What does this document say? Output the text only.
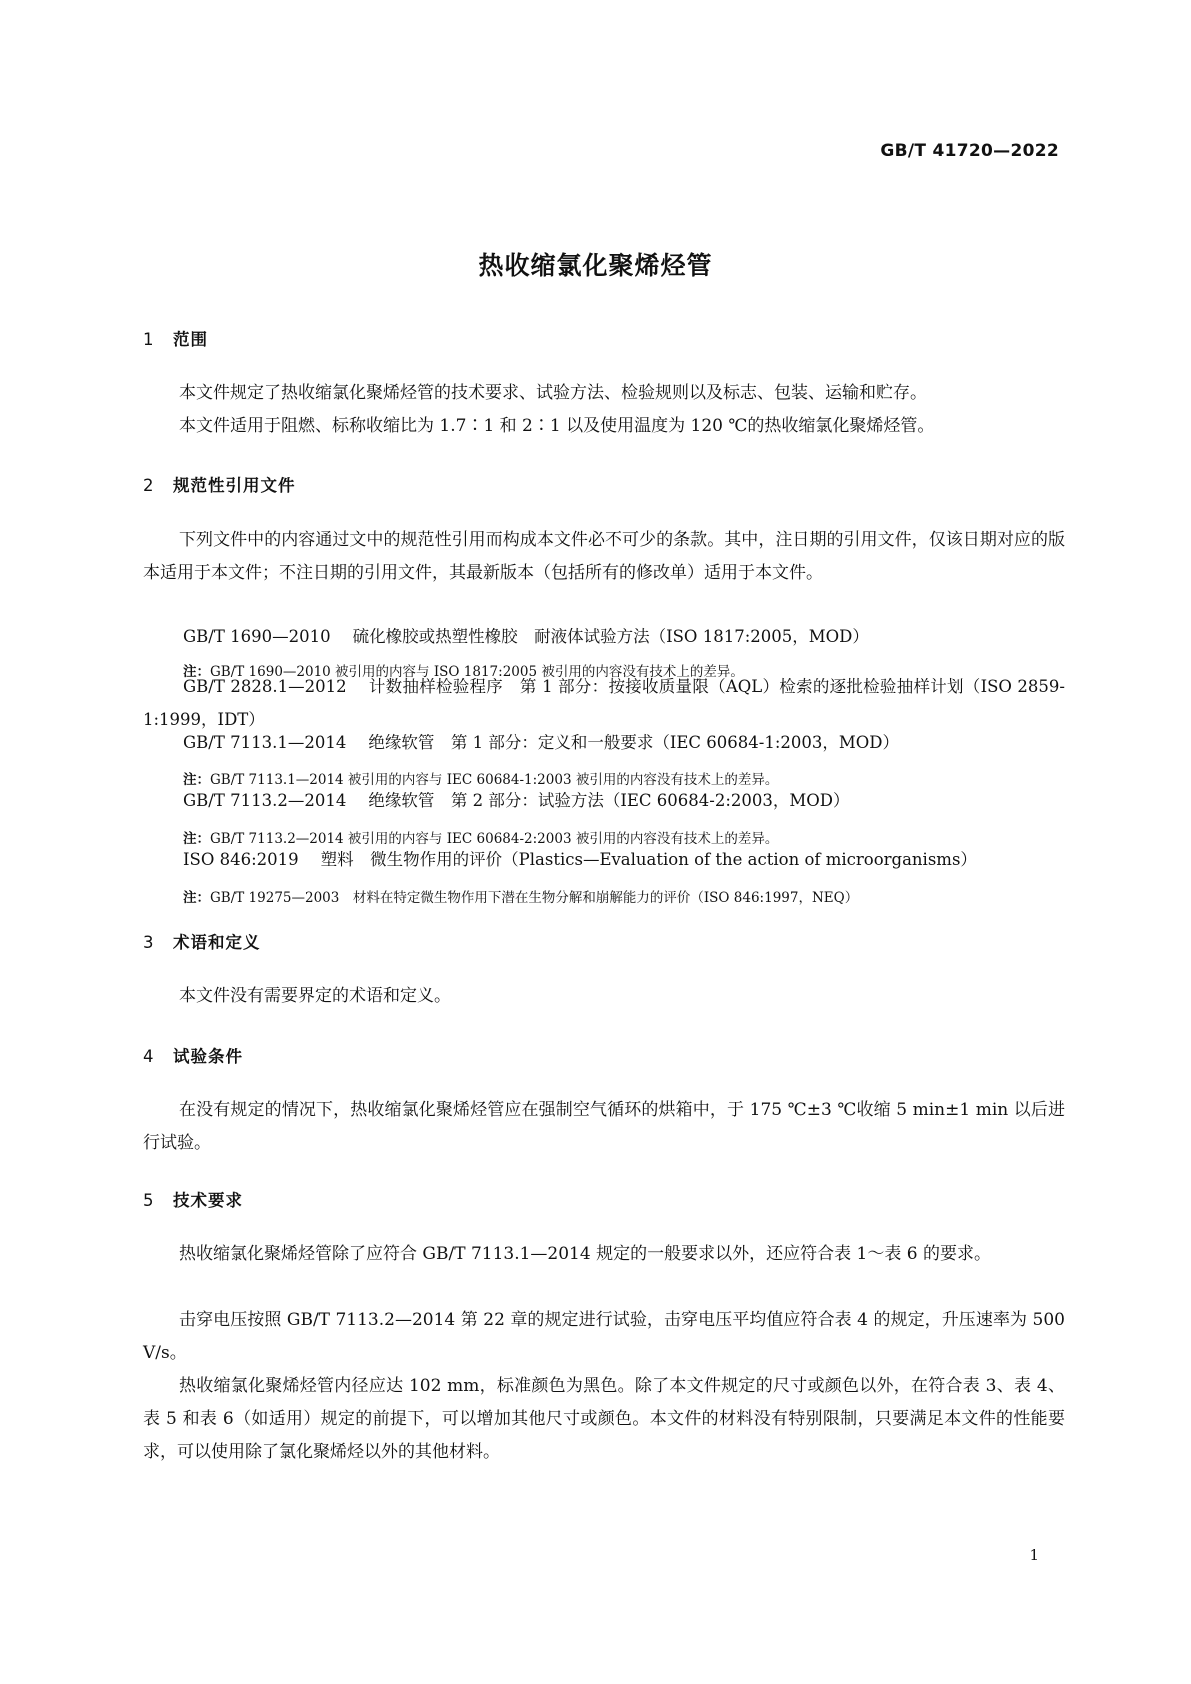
GB/T 41720—2022
热收缩氯化聚烯烃管
1 范围
本文件规定了热收缩氯化聚烯烃管的技术要求、试验方法、检验规则以及标志、包装、运输和贮存。
本文件适用于阻燃、标称收缩比为 1.7∶1 和 2∶1 以及使用温度为 120 ℃的热收缩氯化聚烯烃管。
2 规范性引用文件
下列文件中的内容通过文中的规范性引用而构成本文件必不可少的条款。其中，注日期的引用文件，仅该日期对应的版本适用于本文件；不注日期的引用文件，其最新版本（包括所有的修改单）适用于本文件。
GB/T 1690—2010 硫化橡胶或热塑性橡胶　耐液体试验方法（ISO 1817:2005，MOD）
注：GB/T 1690—2010 被引用的内容与 ISO 1817:2005 被引用的内容没有技术上的差异。
GB/T 2828.1—2012 计数抽样检验程序　第 1 部分：按接收质量限（AQL）检索的逐批检验抽样计划（ISO 2859-1:1999，IDT）
GB/T 7113.1—2014 绝缘软管　第 1 部分：定义和一般要求（IEC 60684-1:2003，MOD）
注：GB/T 7113.1—2014 被引用的内容与 IEC 60684-1:2003 被引用的内容没有技术上的差异。
GB/T 7113.2—2014 绝缘软管　第 2 部分：试验方法（IEC 60684-2:2003，MOD）
注：GB/T 7113.2—2014 被引用的内容与 IEC 60684-2:2003 被引用的内容没有技术上的差异。
ISO 846:2019 塑料　微生物作用的评价（Plastics—Evaluation of the action of microorganisms）
注：GB/T 19275—2003　材料在特定微生物作用下潜在生物分解和崩解能力的评价（ISO 846:1997，NEQ）
3 术语和定义
本文件没有需要界定的术语和定义。
4 试验条件
在没有规定的情况下，热收缩氯化聚烯烃管应在强制空气循环的烘箱中，于 175 ℃±3 ℃收缩 5 min±1 min 以后进行试验。
5 技术要求
热收缩氯化聚烯烃管除了应符合 GB/T 7113.1—2014 规定的一般要求以外，还应符合表 1～表 6 的要求。
击穿电压按照 GB/T 7113.2—2014 第 22 章的规定进行试验，击穿电压平均值应符合表 4 的规定，升压速率为 500 V/s。
热收缩氯化聚烯烃管内径应达 102 mm，标准颜色为黑色。除了本文件规定的尺寸或颜色以外，在符合表 3、表 4、表 5 和表 6（如适用）规定的前提下，可以增加其他尺寸或颜色。本文件的材料没有特别限制，只要满足本文件的性能要求，可以使用除了氯化聚烯烃以外的其他材料。
1
